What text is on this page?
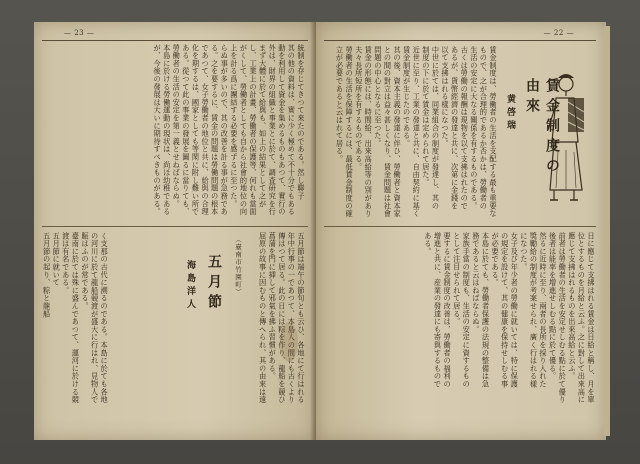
— 23 —
統制を存じてきつて來たのである。然し聯子
其の他の資料は、實に少く極めて不十分でもある
動を利用して資金を集めるものもあつて、實行の
外は、財界の組織と事業とに於て、調査研究を行
まず大體に於て給與も、如上の結果として之が
し、工業上の計畫、勞働者の保護等、何れも當面
がくして、勞働者としても自から社會的地位の向
上を計る爲に團結する必要を感ずるに至つた。
らぬ事が多いので、其の改善を計る事が急務であ
る。之を要するに、賃金の問題は勞働問題の根本
であつて、女子勞働者の地位と共に、給與の合理
化を期するは、國家としても等閑に附し難い所で
ある。從つて此の事業の發展を圖るに當りても、
勞働者の生活の安定を第一義とせねばならぬ。
本島に於ける勞働運動の現状は、尚ほ幼稚である
が、今後の發展は大いに期待すべきものがある。
五月節
海島洋人	（臺南市竹園町）	五月節は端午の節句とも云ひ、各地にて行はれる
年中行事の一であつて、本島人の間にも古くより
傳はつて居る。此の日には粽を作り、龍船を競ひ
菖蒲を門に挿して邪氣を拂ふ習慣がある。
屈原の故事に因むものと傳へられ、其の由來は遠
く支那の古代に溯るのである。本島に於ても各地
の河川に於て龍船競渡が盛大に行はれ、見物人で
賑はふのが常である。
臺南に於ては殊に盛んであつて、運河に於ける競
渡は有名である。
五月節に就いて
五月節の起り、粽と龍船
— 22 —
賃金制度の由來
黄啓瑞
賃金制度は、勞働者の生活を支配する最も重要な
もので、之が合理的であるか否かは、勞働者の
生活の安定に大なる關係を有するものである。
古くは勞働の報酬は現物を以て支拂はれたので
あるが、貨幣經濟の發達と共に、次第に金錢を
以て支拂はれる樣になつた。
中世に於ては、同業組合の制度が發達し、其の
制度の下に於て賃金は定められて居た。
近世に至り、工業の發達と共に、自由契約に基く
賃金制度が生じたのである。
其の後、資本主義の發達に伴ひ、勞働者と資本家
との間の對立は益々甚しくなり、賃金問題は社會
問題の中心となるに至つた。
賃金の形態には、時間給、出來高給等の別があり
夫々長所短所を有するものである。
勞働者の生活を保障するには、最低賃金制度の確
立が必要であると云はれて居る。
日に應じて支拂はれる賃金は日給と稱し、月を單
位とするものを月給と云ふ。之に對して出來高に
應じて支拂はれるものを出來高給と云ふ。
前者は勞働者の生活を安定せしむる點に於て優り
後者は能率を增進せしむる點に於て優る。
然るに近時に至り、兩者の長所を採り入れた
獎勵給の制度が考案せられ、廣く行はれる樣
になつた。
女子及び年少者の勞働に就いては、特に保護
の規定を設けて、其の健康を保持せしむる事
が必要である。
本島に於ても、勞働者保護の法規の整備は急
務であると云はねばならぬ。
家族手當の制度も、生活の安定に資するもの
として注目せられて居る。
要するに賃金制度の改善は、勞働者の福利の
增進と共に、産業の發達にも寄與するもので
ある。
